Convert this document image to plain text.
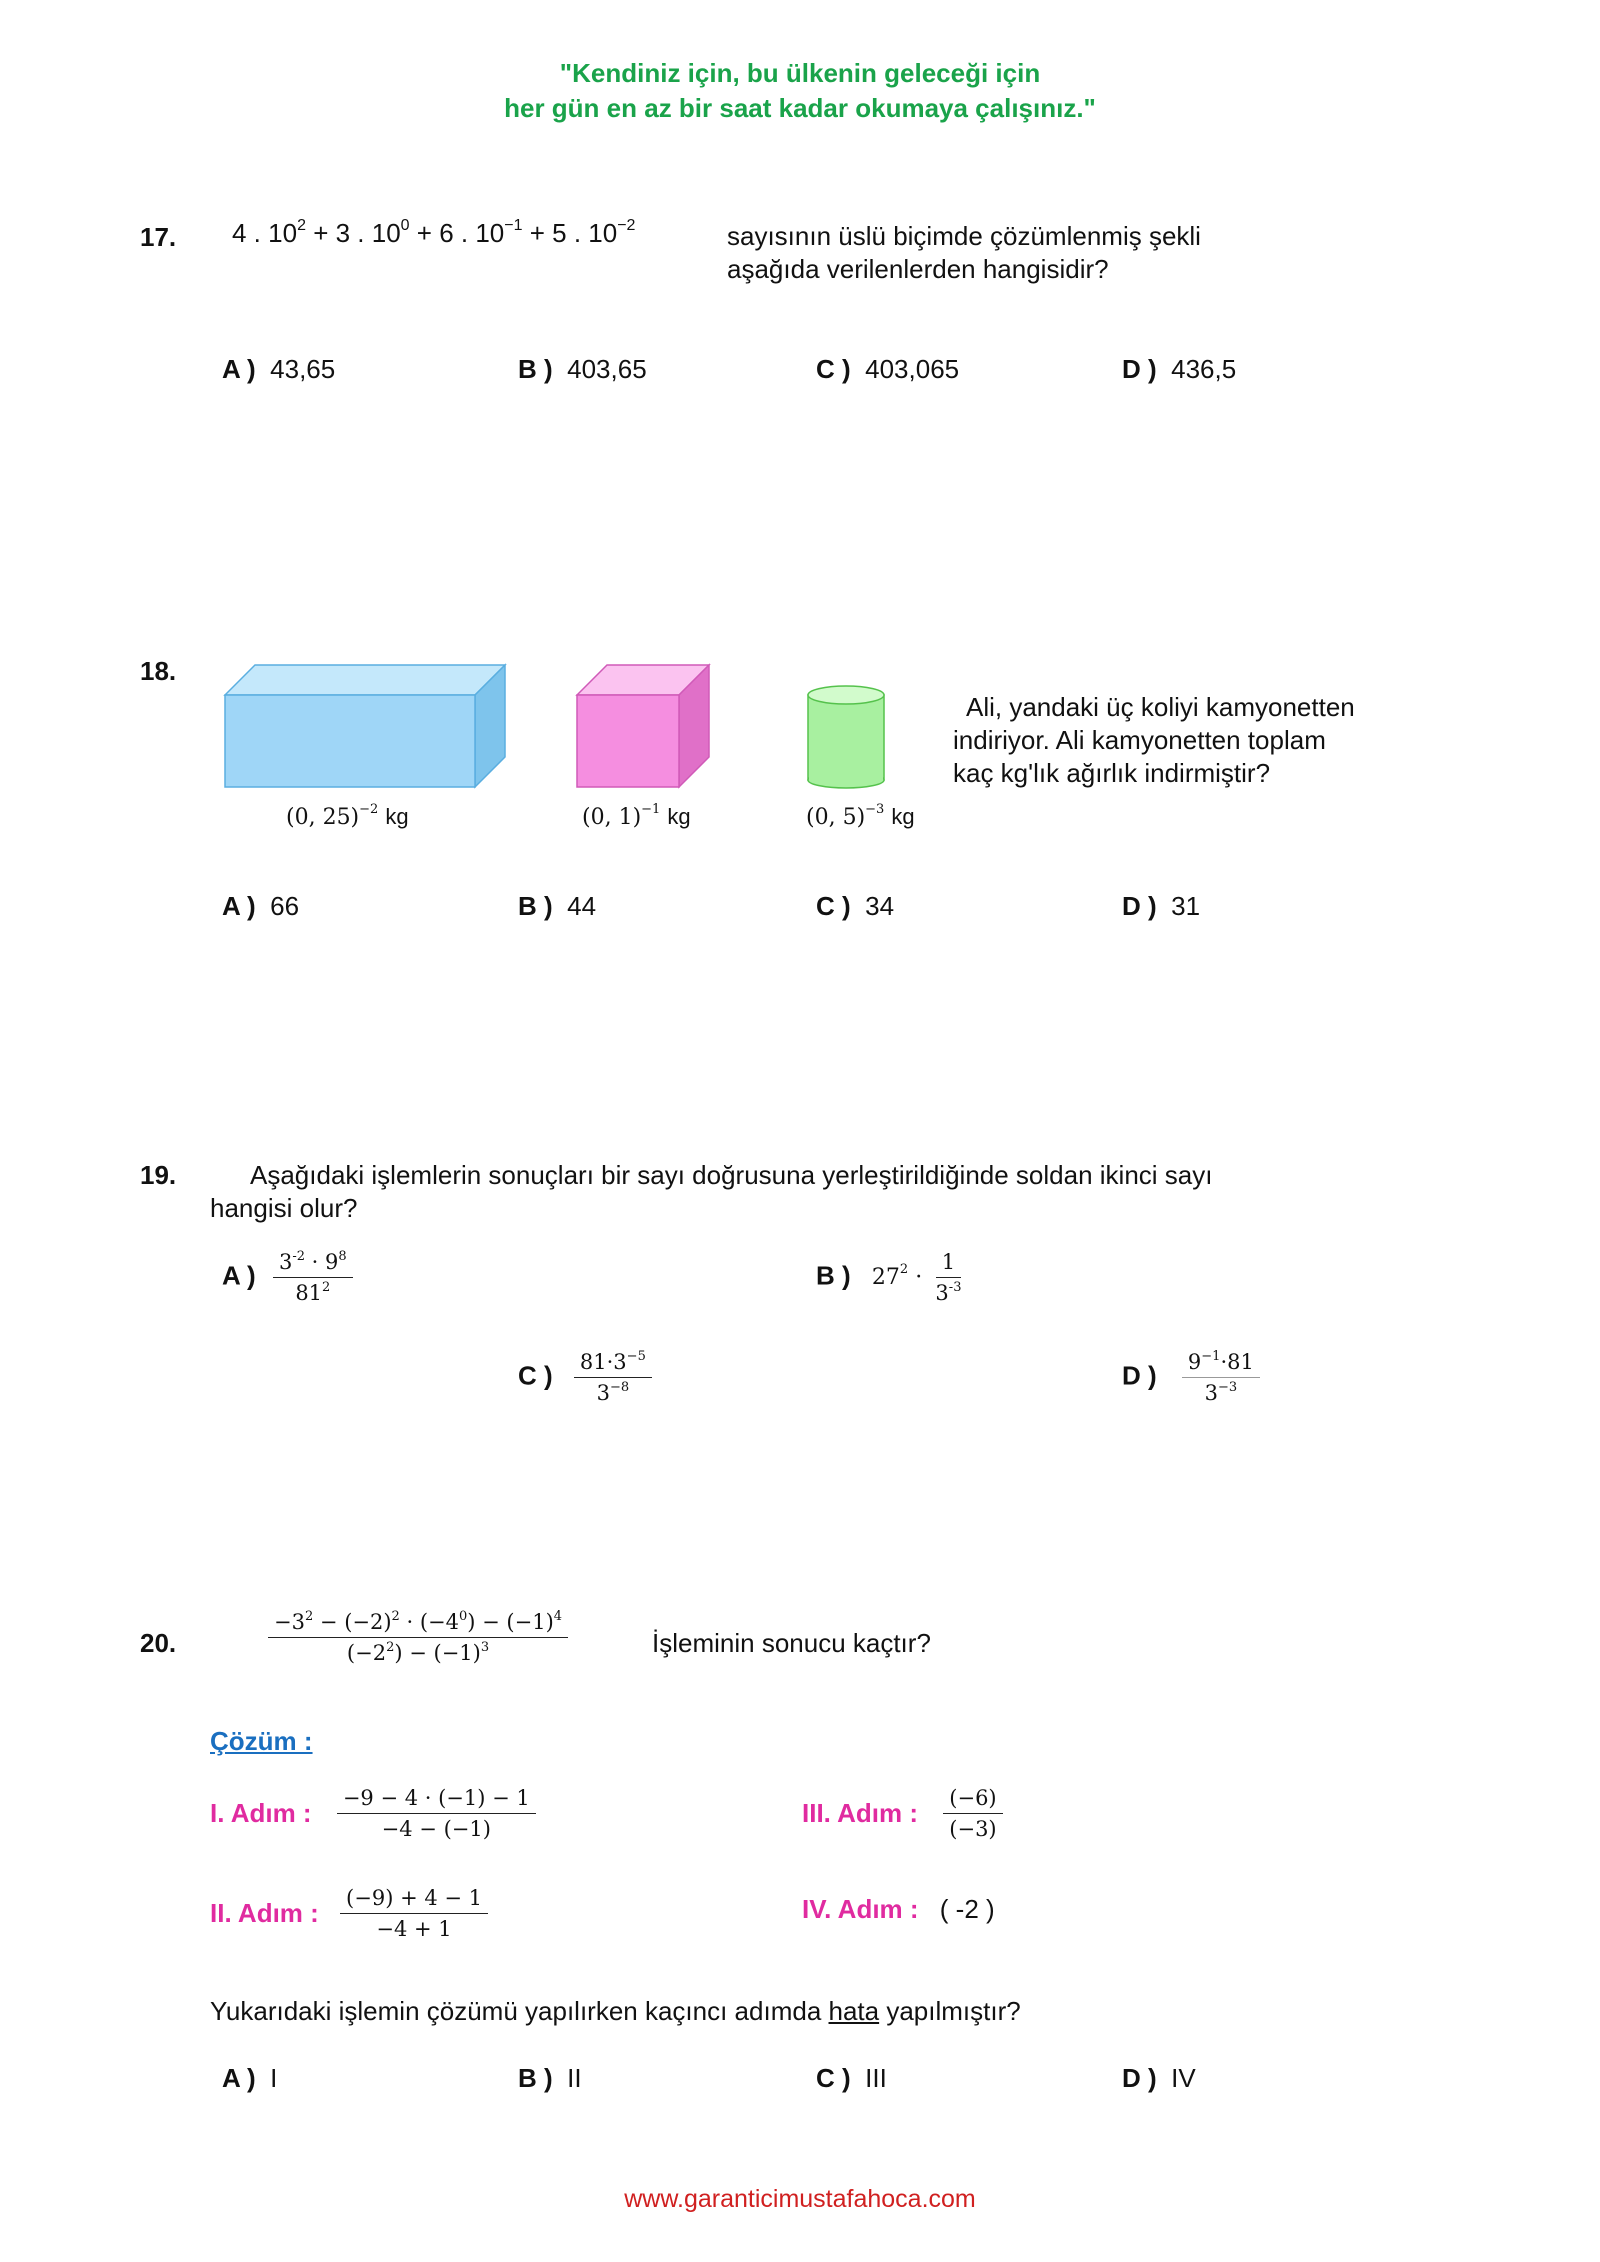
"Kendiniz için, bu ülkenin geleceği için
her gün en az bir saat kadar okumaya çalışınız."
17. 4 . $10^2 + 3$ . $10^0 + 6$ . $10^{-1} + 5$ . $10^{-2}$	sayısının üslü biçimde çözümlenmiş şekli
aşağıda verilenlerden hangisidir?
A ) 43,65	B ) 403,65	C ) 403,065	D ) 436,5
18.
(0, 25)$^{-2}$ kg	(0, 1)$^{-1}$ kg	(0, 5)$^{-3}$ kg
Ali, yandaki üç koliyi kamyonetten
indiriyor. Ali kamyonetten toplam
kaç kg'lık ağırlık indirmiştir?
A ) 66	B ) 44	C ) 34	D ) 31
19.	Aşağıdaki işlemlerin sonuçları bir sayı doğrusuna yerleştirildiğinde soldan ikinci sayı
hangisi olur?
A ) $\frac{3^{-2} \cdot 9^8}{81^2}$	B ) $27^2 \cdot \frac{1}{3^{-3}}$
C ) $\frac{81\cdot 3^{-5}}{3^{-8}}$	D ) $\frac{9^{-1}\cdot 81}{3^{-3}}$
20.	$\frac{-3^2 - (-2)^2 \cdot (-4^0) - (-1)^4}{(-2^2) - (-1)^3}$	İşleminin sonucu kaçtır?
Çözüm :
I. Adım : $\frac{-9 - 4 \cdot (-1) - 1}{-4 - (-1)}$	III. Adım : $\frac{(-6)}{(-3)}$
II. Adım : $\frac{(-9) + 4 - 1}{-4 + 1}$	IV. Adım : ( -2 )
Yukarıdaki işlemin çözümü yapılırken kaçıncı adımda hata yapılmıştır?
A ) I	B ) II	C ) III	D ) IV
www.garanticimustafahoca.com
